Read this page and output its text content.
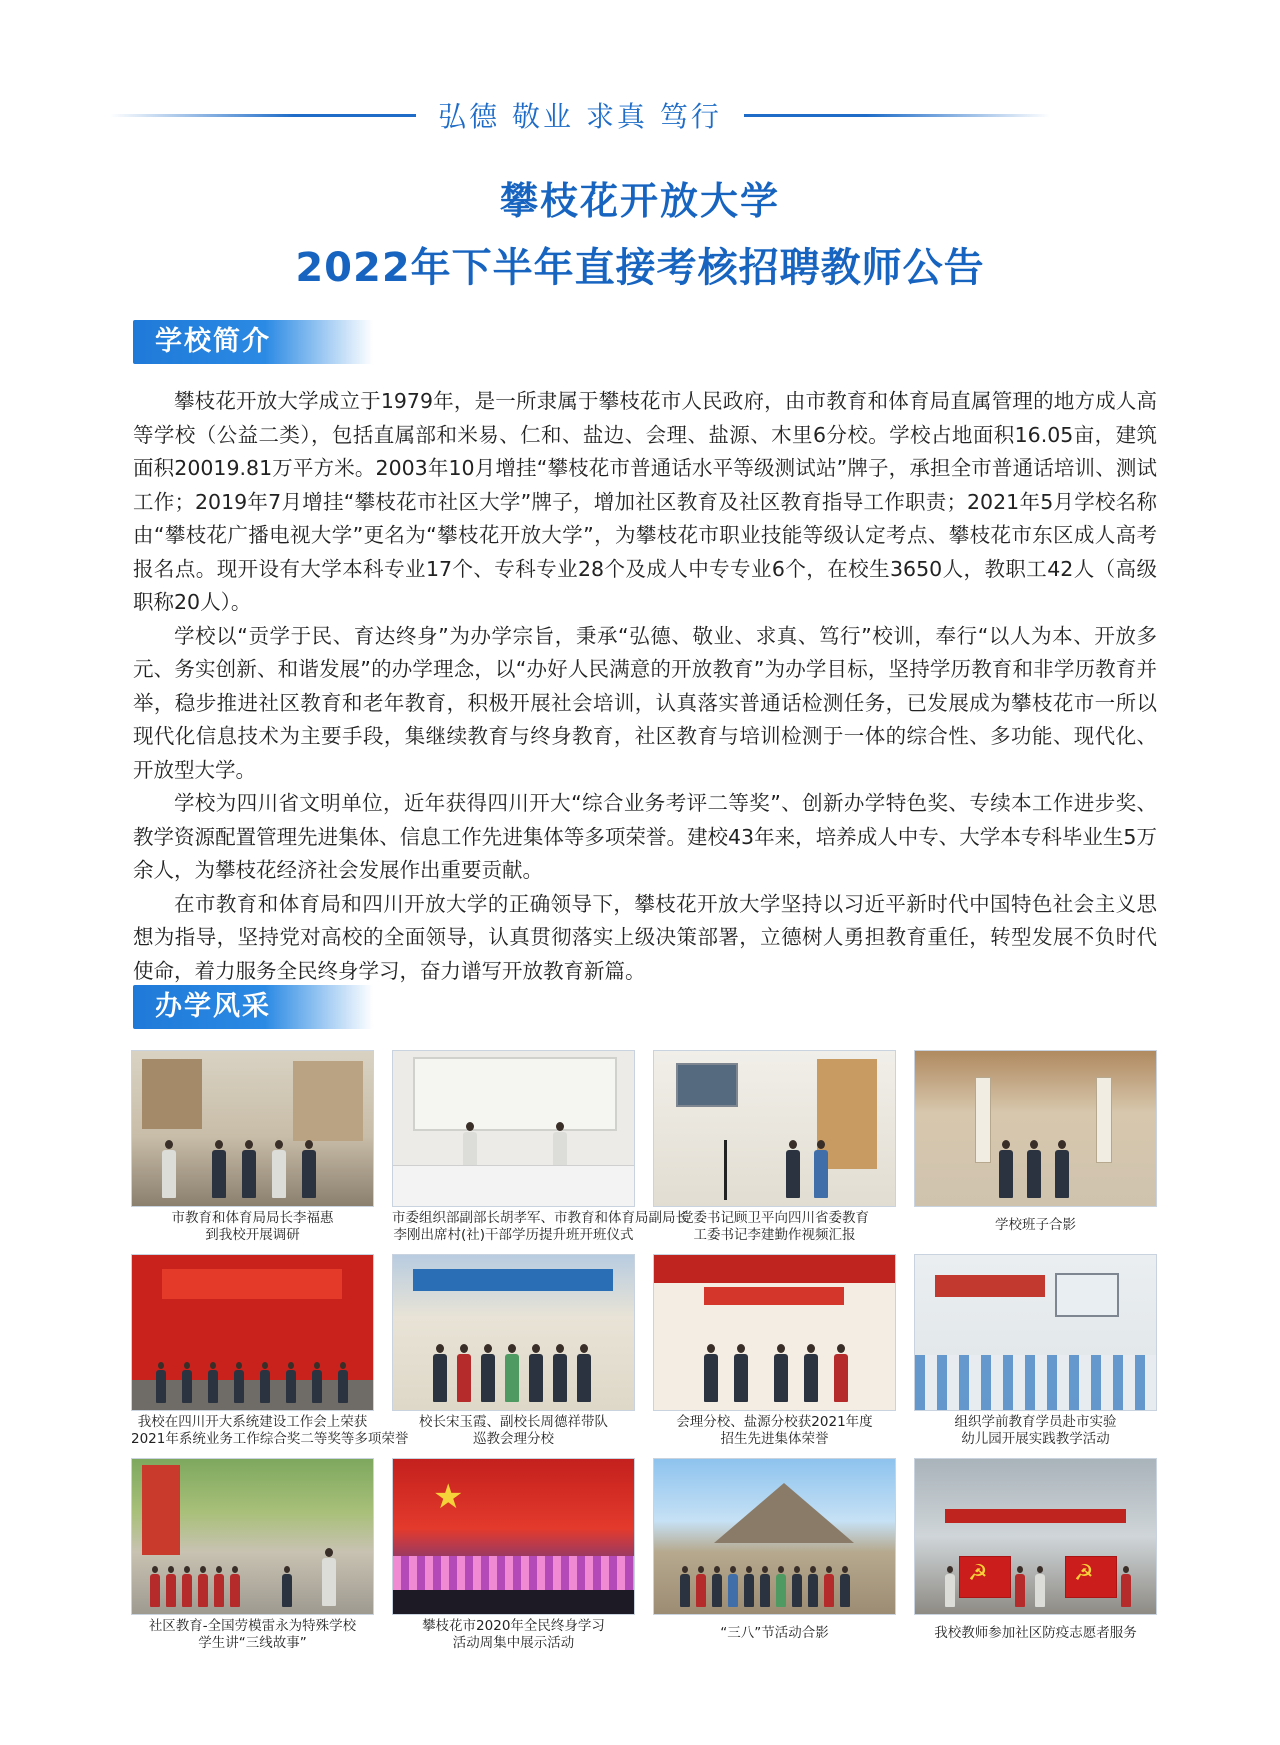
弘德 敬业 求真 笃行
攀枝花开放大学
2022年下半年直接考核招聘教师公告
学校简介

攀枝花开放大学成立于1979年，是一所隶属于攀枝花市人民政府，由市教育和体育局直属管理的地方成人高等学校（公益二类），包括直属部和米易、仁和、盐边、会理、盐源、木里6分校。学校占地面积16.05亩，建筑面积20019.81万平方米。2003年10月增挂“攀枝花市普通话水平等级测试站”牌子，承担全市普通话培训、测试工作；2019年7月增挂“攀枝花市社区大学”牌子，增加社区教育及社区教育指导工作职责；2021年5月学校名称由“攀枝花广播电视大学”更名为“攀枝花开放大学”，为攀枝花市职业技能等级认定考点、攀枝花市东区成人高考报名点。现开设有大学本科专业17个、专科专业28个及成人中专专业6个，在校生3650人，教职工42人（高级职称20人）。

学校以“贡学于民、育达终身”为办学宗旨，秉承“弘德、敬业、求真、笃行”校训，奉行“以人为本、开放多元、务实创新、和谐发展”的办学理念，以“办好人民满意的开放教育”为办学目标，坚持学历教育和非学历教育并举，稳步推进社区教育和老年教育，积极开展社会培训，认真落实普通话检测任务，已发展成为攀枝花市一所以现代化信息技术为主要手段，集继续教育与终身教育，社区教育与培训检测于一体的综合性、多功能、现代化、开放型大学。

学校为四川省文明单位，近年获得四川开大“综合业务考评二等奖”、创新办学特色奖、专续本工作进步奖、教学资源配置管理先进集体、信息工作先进集体等多项荣誉。建校43年来，培养成人中专、大学本专科毕业生5万余人，为攀枝花经济社会发展作出重要贡献。

在市教育和体育局和四川开放大学的正确领导下，攀枝花开放大学坚持以习近平新时代中国特色社会主义思想为指导，坚持党对高校的全面领导，认真贯彻落实上级决策部署，立德树人勇担教育重任，转型发展不负时代使命，着力服务全民终身学习，奋力谱写开放教育新篇。

办学风采
市教育和体育局局长李福惠
到我校开展调研
市委组织部副部长胡孝军、市教育和体育局副局长
李刚出席村(社)干部学历提升班开班仪式
党委书记顾卫平向四川省委教育
工委书记李建勤作视频汇报
学校班子合影
我校在四川开大系统建设工作会上荣获
2021年系统业务工作综合奖二等奖等多项荣誉
校长宋玉霞、副校长周德祥带队
巡教会理分校
会理分校、盐源分校获2021年度
招生先进集体荣誉
组织学前教育学员赴市实验
幼儿园开展实践教学活动
社区教育-全国劳模雷永为特殊学校
学生讲“三线故事”
★
攀枝花市2020年全民终身学习
活动周集中展示活动
“三八”节活动合影
☭
☭	我校教师参加社区防疫志愿者服务
